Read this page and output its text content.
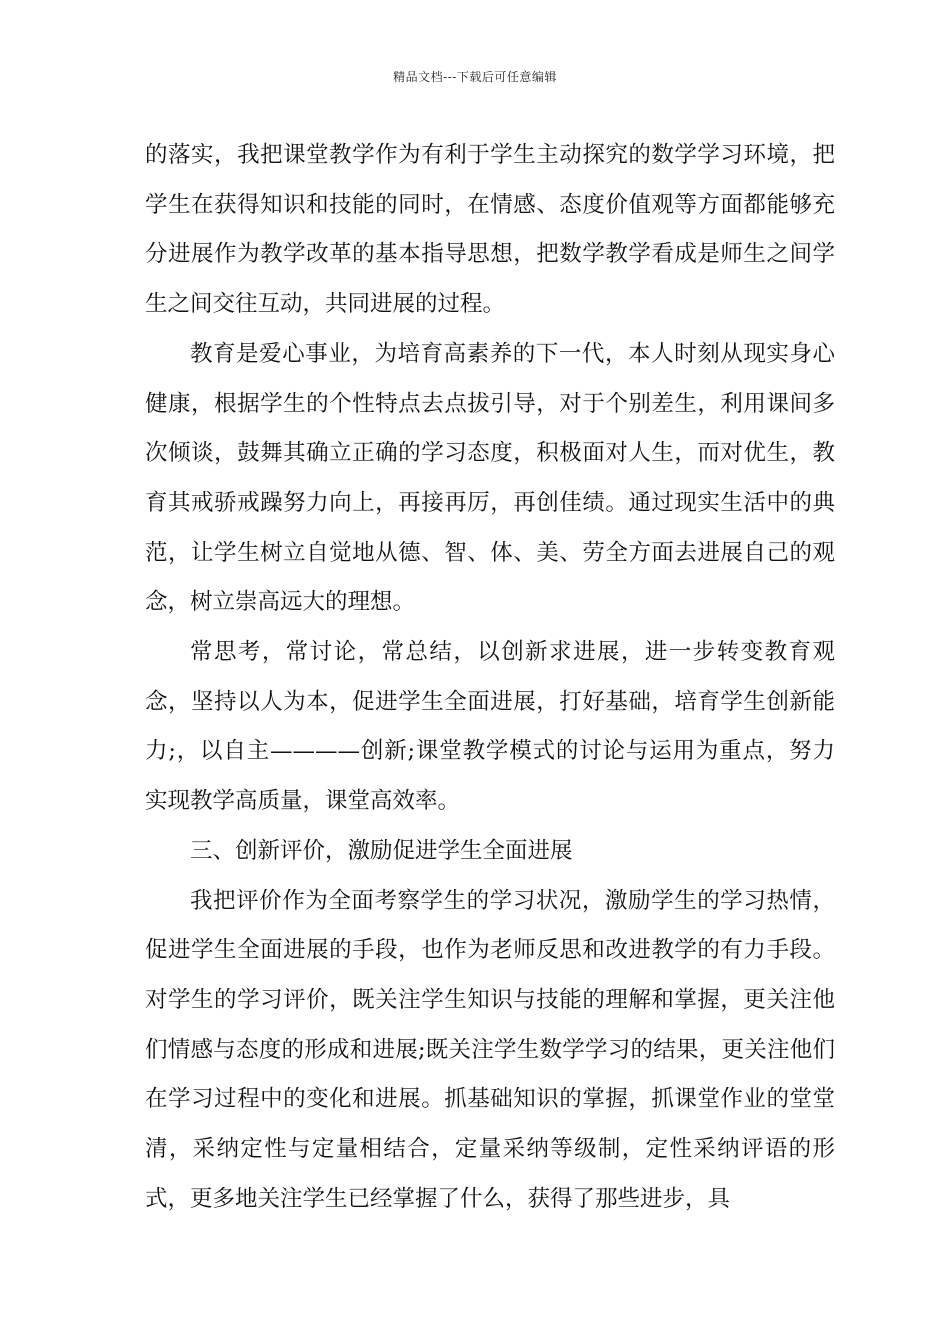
精品文档---下载后可任意编辑

的落实，我把课堂教学作为有利于学生主动探究的数学学习环境，把学生在获得知识和技能的同时，在情感、态度价值观等方面都能够充分进展作为教学改革的基本指导思想，把数学教学看成是师生之间学生之间交往互动，共同进展的过程。

教育是爱心事业，为培育高素养的下一代，本人时刻从现实身心健康，根据学生的个性特点去点拔引导，对于个别差生，利用课间多次倾谈，鼓舞其确立正确的学习态度，积极面对人生，而对优生，教育其戒骄戒躁努力向上，再接再厉，再创佳绩。通过现实生活中的典范，让学生树立自觉地从德、智、体、美、劳全方面去进展自己的观念，树立崇高远大的理想。

常思考，常讨论，常总结，以创新求进展，进一步转变教育观念，坚持以人为本，促进学生全面进展，打好基础，培育学生创新能力;，以自主————创新;课堂教学模式的讨论与运用为重点，努力实现教学高质量，课堂高效率。

三、创新评价，激励促进学生全面进展

我把评价作为全面考察学生的学习状况，激励学生的学习热情，促进学生全面进展的手段，也作为老师反思和改进教学的有力手段。对学生的学习评价，既关注学生知识与技能的理解和掌握，更关注他们情感与态度的形成和进展;既关注学生数学学习的结果，更关注他们在学习过程中的变化和进展。抓基础知识的掌握，抓课堂作业的堂堂清，采纳定性与定量相结合，定量采纳等级制，定性采纳评语的形式，更多地关注学生已经掌握了什么，获得了那些进步，具
